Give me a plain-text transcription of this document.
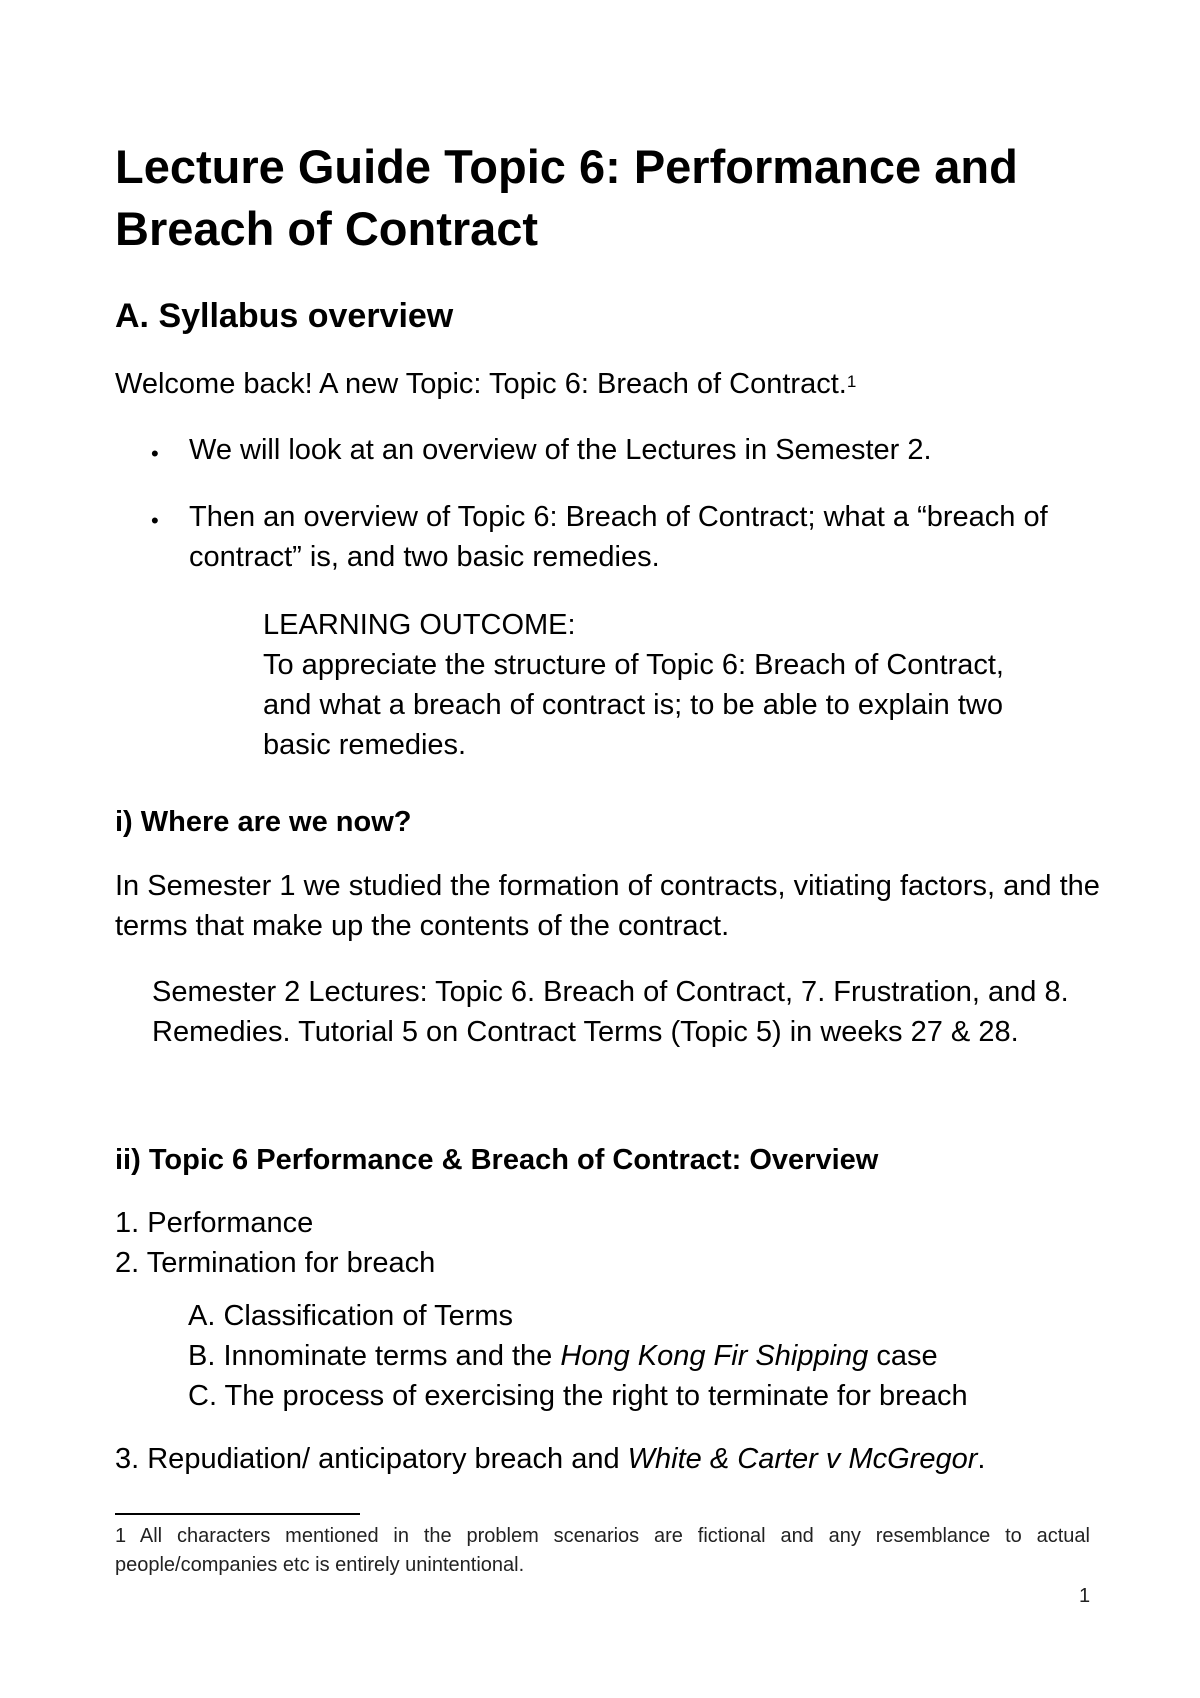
Lecture Guide Topic 6: Performance and Breach of Contract
A. Syllabus overview

Welcome back! A new Topic: Topic 6: Breach of Contract.$^1$

• We will look at an overview of the Lectures in Semester 2.

• Then an overview of Topic 6: Breach of Contract; what a “breach of contract” is, and two basic remedies.

LEARNING OUTCOME:
To appreciate the structure of Topic 6: Breach of Contract,
and what a breach of contract is; to be able to explain two
basic remedies.
i) Where are we now?

In Semester 1 we studied the formation of contracts, vitiating factors, and the terms that make up the contents of the contract.

Semester 2 Lectures: Topic 6. Breach of Contract, 7. Frustration, and 8. Remedies. Tutorial 5 on Contract Terms (Topic 5) in weeks 27 & 28.

ii) Topic 6 Performance & Breach of Contract: Overview
1. Performance
2. Termination for breach
A. Classification of Terms
B. Innominate terms and the Hong Kong Fir Shipping case
C. The process of exercising the right to terminate for breach

3. Repudiation/ anticipatory breach and White & Carter v McGregor.

1 All characters mentioned in the problem scenarios are fictional and any resemblance to actual people/companies etc is entirely unintentional.

1
